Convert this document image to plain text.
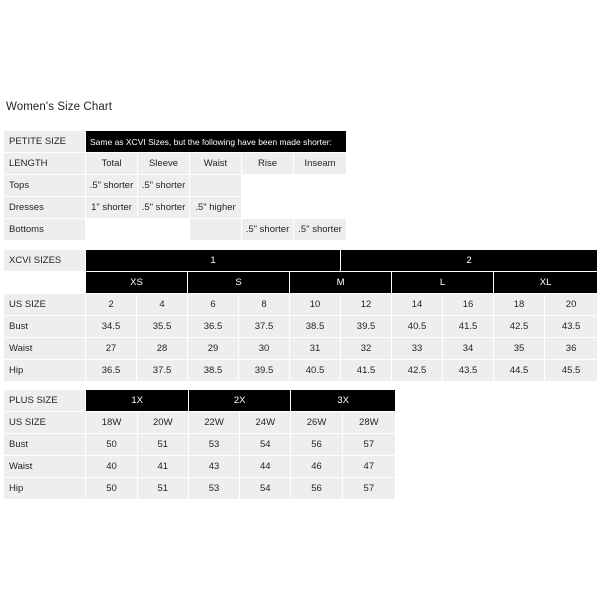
Women's Size Chart
PETITE SIZE	Same as XCVI Sizes, but the following have been made shorter:				
LENGTH	Total	Sleeve	Waist	Rise	Inseam
Tops	.5" shorter	.5" shorter			
Dresses	1" shorter	.5" shorter	.5" higher		
Bottoms				.5" shorter	.5" shorter
XCVI SIZES	1					2				
	XS		S		M		L		XL	
US SIZE	2	4	6	8	10	12	14	16	18	20
Bust	34.5	35.5	36.5	37.5	38.5	39.5	40.5	41.5	42.5	43.5
Waist	27	28	29	30	31	32	33	34	35	36
Hip	36.5	37.5	38.5	39.5	40.5	41.5	42.5	43.5	44.5	45.5
PLUS SIZE	1X		2X		3X	
US SIZE	18W	20W	22W	24W	26W	28W
Bust	50	51	53	54	56	57
Waist	40	41	43	44	46	47
Hip	50	51	53	54	56	57
